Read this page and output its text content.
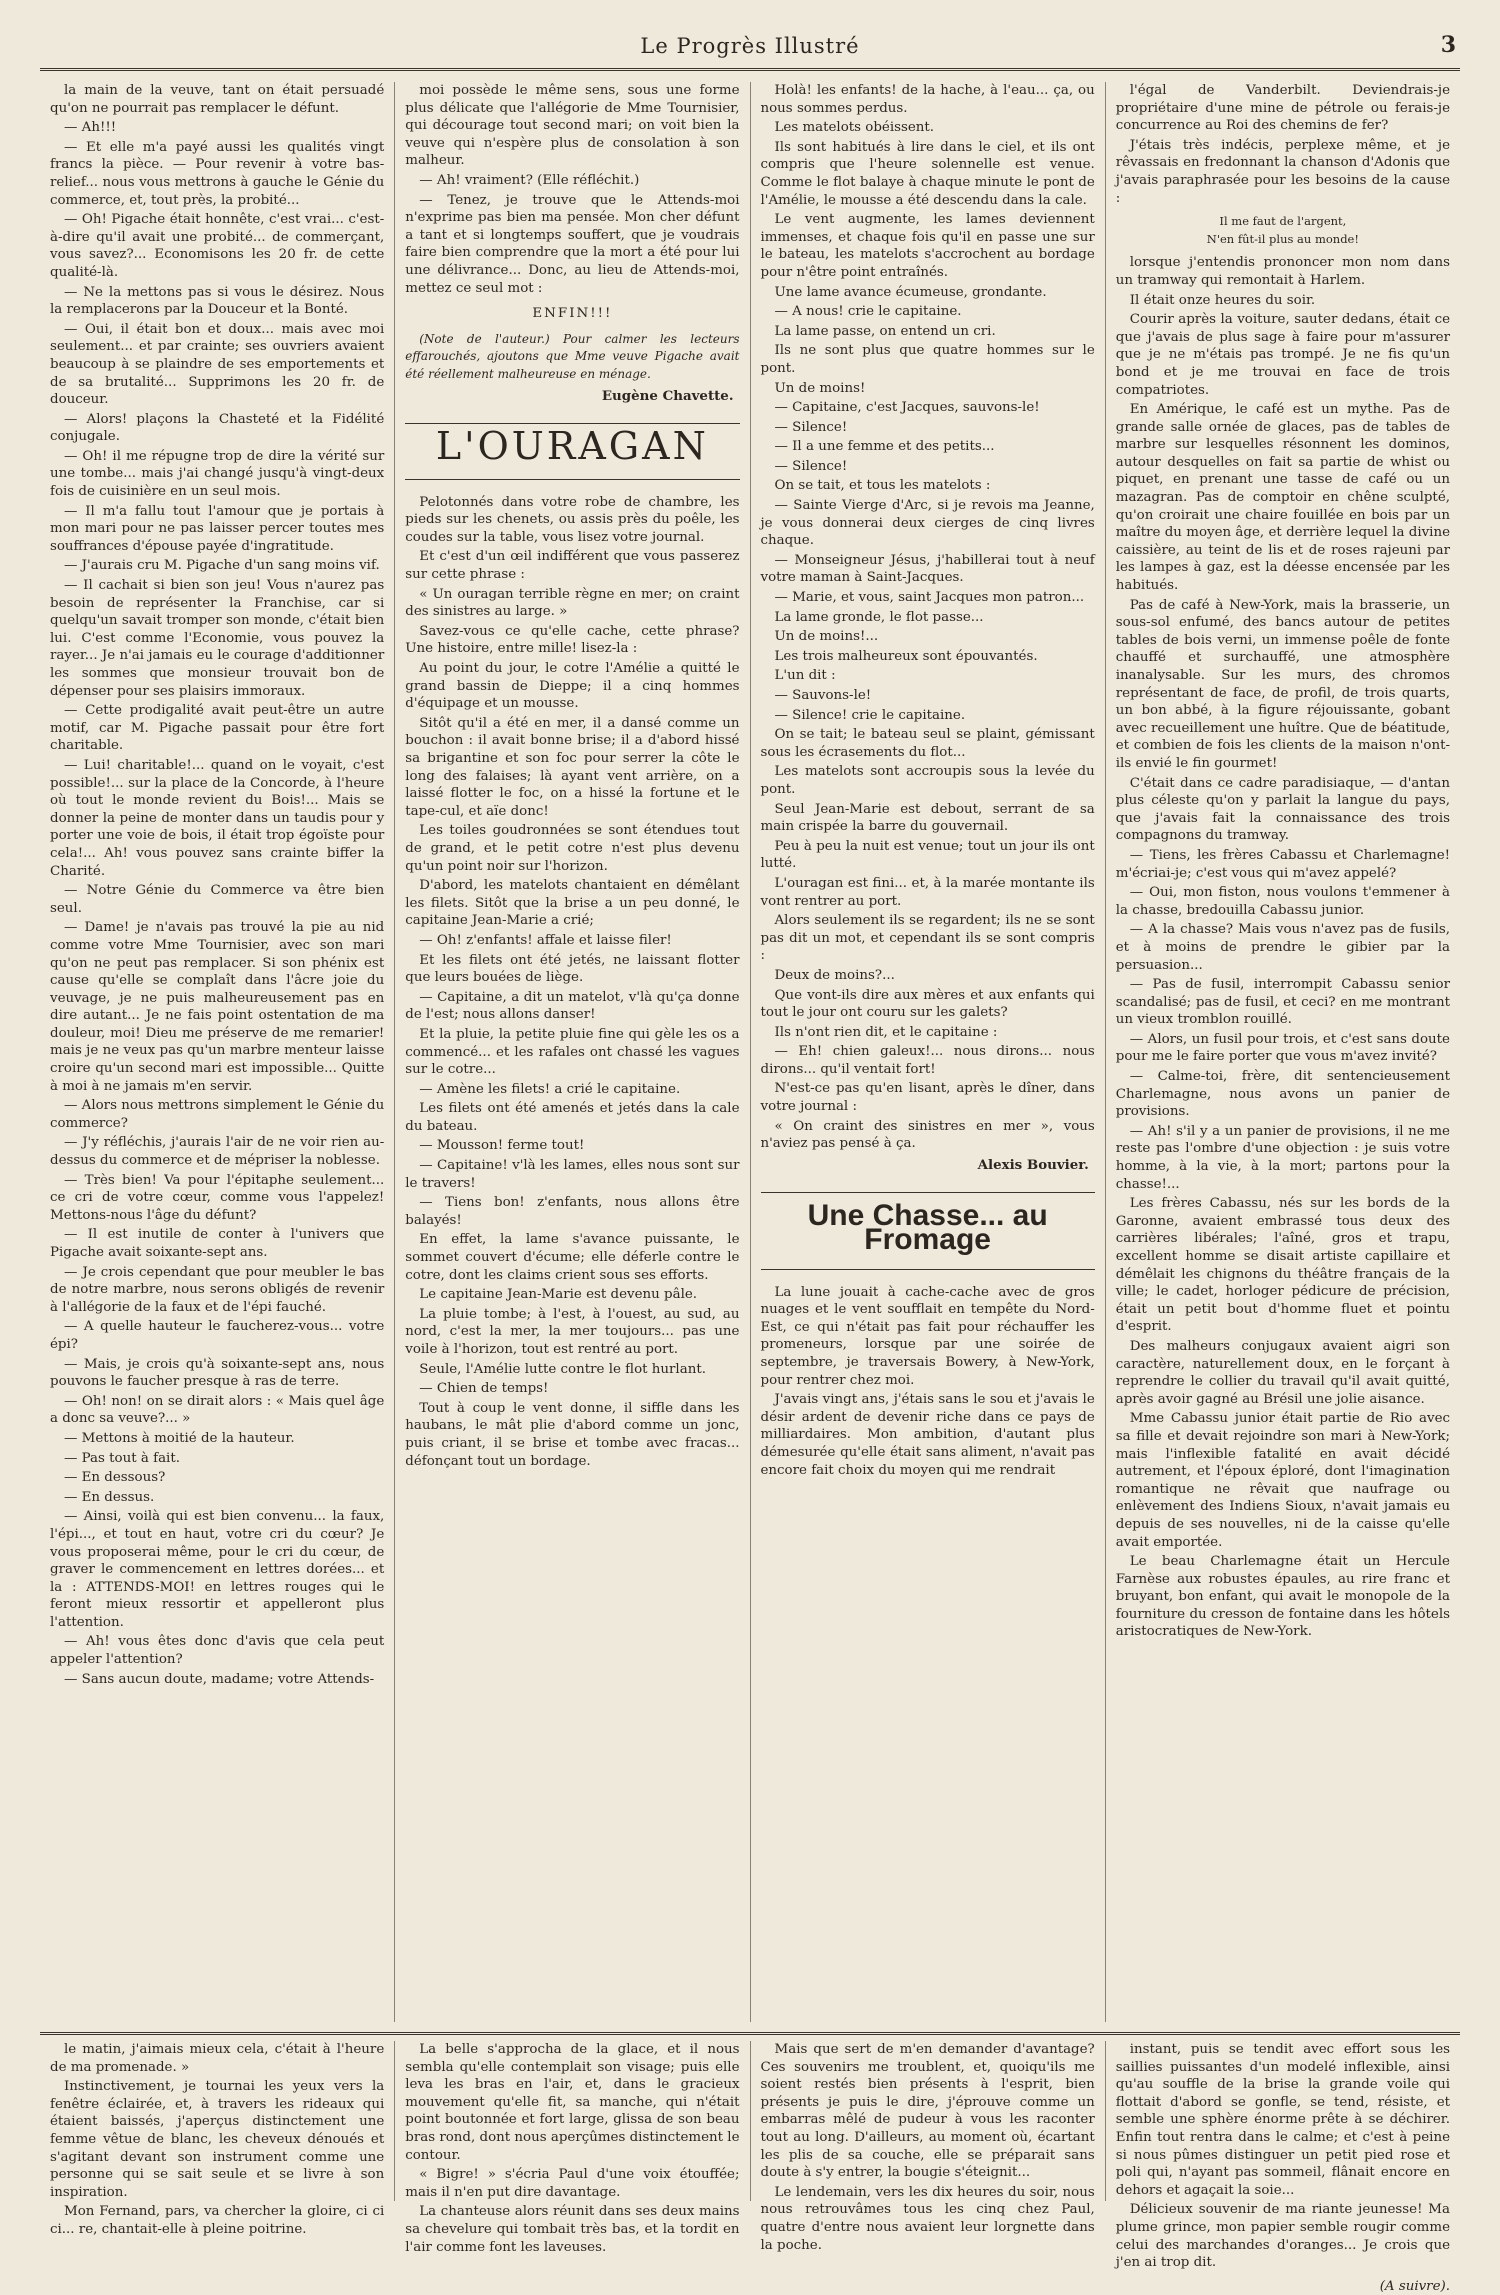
Le Progrès Illustré	3

la main de la veuve, tant on était persuadé qu'on ne pourrait pas remplacer le défunt.

— Ah!!!

— Et elle m'a payé aussi les qualités vingt francs la pièce. — Pour revenir à votre bas-relief... nous vous mettrons à gauche le Génie du commerce, et, tout près, la probité...

— Oh! Pigache était honnête, c'est vrai... c'est-à-dire qu'il avait une probité... de commerçant, vous savez?... Economisons les 20 fr. de cette qualité-là.

— Ne la mettons pas si vous le désirez. Nous la remplacerons par la Douceur et la Bonté.

— Oui, il était bon et doux... mais avec moi seulement... et par crainte; ses ouvriers avaient beaucoup à se plaindre de ses emportements et de sa brutalité... Supprimons les 20 fr. de douceur.

— Alors! plaçons la Chasteté et la Fidélité conjugale.

— Oh! il me répugne trop de dire la vérité sur une tombe... mais j'ai changé jusqu'à vingt-deux fois de cuisinière en un seul mois.

— Il m'a fallu tout l'amour que je portais à mon mari pour ne pas laisser percer toutes mes souffrances d'épouse payée d'ingratitude.

— J'aurais cru M. Pigache d'un sang moins vif.

— Il cachait si bien son jeu! Vous n'aurez pas besoin de représenter la Franchise, car si quelqu'un savait tromper son monde, c'était bien lui. C'est comme l'Economie, vous pouvez la rayer... Je n'ai jamais eu le courage d'additionner les sommes que monsieur trouvait bon de dépenser pour ses plaisirs immoraux.

— Cette prodigalité avait peut-être un autre motif, car M. Pigache passait pour être fort charitable.

— Lui! charitable!... quand on le voyait, c'est possible!... sur la place de la Concorde, à l'heure où tout le monde revient du Bois!... Mais se donner la peine de monter dans un taudis pour y porter une voie de bois, il était trop égoïste pour cela!... Ah! vous pouvez sans crainte biffer la Charité.

— Notre Génie du Commerce va être bien seul.

— Dame! je n'avais pas trouvé la pie au nid comme votre Mme Tournisier, avec son mari qu'on ne peut pas remplacer. Si son phénix est cause qu'elle se complaît dans l'âcre joie du veuvage, je ne puis malheureusement pas en dire autant... Je ne fais point ostentation de ma douleur, moi! Dieu me préserve de me remarier! mais je ne veux pas qu'un marbre menteur laisse croire qu'un second mari est impossible... Quitte à moi à ne jamais m'en servir.

— Alors nous mettrons simplement le Génie du commerce?

— J'y réfléchis, j'aurais l'air de ne voir rien au-dessus du commerce et de mépriser la noblesse.

— Très bien! Va pour l'épitaphe seulement... ce cri de votre cœur, comme vous l'appelez! Mettons-nous l'âge du défunt?

— Il est inutile de conter à l'univers que Pigache avait soixante-sept ans.

— Je crois cependant que pour meubler le bas de notre marbre, nous serons obligés de revenir à l'allégorie de la faux et de l'épi fauché.

— A quelle hauteur le faucherez-vous... votre épi?

— Mais, je crois qu'à soixante-sept ans, nous pouvons le faucher presque à ras de terre.

— Oh! non! on se dirait alors : « Mais quel âge a donc sa veuve?... »

— Mettons à moitié de la hauteur.

— Pas tout à fait.

— En dessous?

— En dessus.

— Ainsi, voilà qui est bien convenu... la faux, l'épi..., et tout en haut, votre cri du cœur? Je vous proposerai même, pour le cri du cœur, de graver le commencement en lettres dorées... et la : ATTENDS-MOI! en lettres rouges qui le feront mieux ressortir et appelleront plus l'attention.

— Ah! vous êtes donc d'avis que cela peut appeler l'attention?

— Sans aucun doute, madame; votre Attends-

moi possède le même sens, sous une forme plus délicate que l'allégorie de Mme Tournisier, qui décourage tout second mari; on voit bien la veuve qui n'espère plus de consolation à son malheur.

— Ah! vraiment? (Elle réfléchit.)

— Tenez, je trouve que le Attends-moi n'exprime pas bien ma pensée. Mon cher défunt a tant et si longtemps souffert, que je voudrais faire bien comprendre que la mort a été pour lui une délivrance... Donc, au lieu de Attends-moi, mettez ce seul mot :

ENFIN!!!

(Note de l'auteur.) Pour calmer les lecteurs effarouchés, ajoutons que Mme veuve Pigache avait été réellement malheureuse en ménage.

Eugène Chavette.
L'OURAGAN

Pelotonnés dans votre robe de chambre, les pieds sur les chenets, ou assis près du poêle, les coudes sur la table, vous lisez votre journal.

Et c'est d'un œil indifférent que vous passerez sur cette phrase :

« Un ouragan terrible règne en mer; on craint des sinistres au large. »

Savez-vous ce qu'elle cache, cette phrase? Une histoire, entre mille! lisez-la :

Au point du jour, le cotre l'Amélie a quitté le grand bassin de Dieppe; il a cinq hommes d'équipage et un mousse.

Sitôt qu'il a été en mer, il a dansé comme un bouchon : il avait bonne brise; il a d'abord hissé sa brigantine et son foc pour serrer la côte le long des falaises; là ayant vent arrière, on a laissé flotter le foc, on a hissé la fortune et le tape-cul, et aïe donc!

Les toiles goudronnées se sont étendues tout de grand, et le petit cotre n'est plus devenu qu'un point noir sur l'horizon.

D'abord, les matelots chantaient en démêlant les filets. Sitôt que la brise a un peu donné, le capitaine Jean-Marie a crié;

— Oh! z'enfants! affale et laisse filer!

Et les filets ont été jetés, ne laissant flotter que leurs bouées de liège.

— Capitaine, a dit un matelot, v'là qu'ça donne de l'est; nous allons danser!

Et la pluie, la petite pluie fine qui gèle les os a commencé... et les rafales ont chassé les vagues sur le cotre...

— Amène les filets! a crié le capitaine.

Les filets ont été amenés et jetés dans la cale du bateau.

— Mousson! ferme tout!

— Capitaine! v'là les lames, elles nous sont sur le travers!

— Tiens bon! z'enfants, nous allons être balayés!

En effet, la lame s'avance puissante, le sommet couvert d'écume; elle déferle contre le cotre, dont les claims crient sous ses efforts.

Le capitaine Jean-Marie est devenu pâle.

La pluie tombe; à l'est, à l'ouest, au sud, au nord, c'est la mer, la mer toujours... pas une voile à l'horizon, tout est rentré au port.

Seule, l'Amélie lutte contre le flot hurlant.

— Chien de temps!

Tout à coup le vent donne, il siffle dans les haubans, le mât plie d'abord comme un jonc, puis criant, il se brise et tombe avec fracas... défonçant tout un bordage.

Holà! les enfants! de la hache, à l'eau... ça, ou nous sommes perdus.

Les matelots obéissent.

Ils sont habitués à lire dans le ciel, et ils ont compris que l'heure solennelle est venue. Comme le flot balaye à chaque minute le pont de l'Amélie, le mousse a été descendu dans la cale.

Le vent augmente, les lames deviennent immenses, et chaque fois qu'il en passe une sur le bateau, les matelots s'accrochent au bordage pour n'être point entraînés.

Une lame avance écumeuse, grondante.

— A nous! crie le capitaine.

La lame passe, on entend un cri.

Ils ne sont plus que quatre hommes sur le pont.

Un de moins!

— Capitaine, c'est Jacques, sauvons-le!

— Silence!

— Il a une femme et des petits...

— Silence!

On se tait, et tous les matelots :

— Sainte Vierge d'Arc, si je revois ma Jeanne, je vous donnerai deux cierges de cinq livres chaque.

— Monseigneur Jésus, j'habillerai tout à neuf votre maman à Saint-Jacques.

— Marie, et vous, saint Jacques mon patron...

La lame gronde, le flot passe...

Un de moins!...

Les trois malheureux sont épouvantés.

L'un dit :

— Sauvons-le!

— Silence! crie le capitaine.

On se tait; le bateau seul se plaint, gémissant sous les écrasements du flot...

Les matelots sont accroupis sous la levée du pont.

Seul Jean-Marie est debout, serrant de sa main crispée la barre du gouvernail.

Peu à peu la nuit est venue; tout un jour ils ont lutté.

L'ouragan est fini... et, à la marée montante ils vont rentrer au port.

Alors seulement ils se regardent; ils ne se sont pas dit un mot, et cependant ils se sont compris :

Deux de moins?...

Que vont-ils dire aux mères et aux enfants qui tout le jour ont couru sur les galets?

Ils n'ont rien dit, et le capitaine :

— Eh! chien galeux!... nous dirons... nous dirons... qu'il ventait fort!

N'est-ce pas qu'en lisant, après le dîner, dans votre journal :

« On craint des sinistres en mer », vous n'aviez pas pensé à ça.

Alexis Bouvier.
Une Chasse... au Fromage

La lune jouait à cache-cache avec de gros nuages et le vent soufflait en tempête du Nord-Est, ce qui n'était pas fait pour réchauffer les promeneurs, lorsque par une soirée de septembre, je traversais Bowery, à New-York, pour rentrer chez moi.

J'avais vingt ans, j'étais sans le sou et j'avais le désir ardent de devenir riche dans ce pays de milliardaires. Mon ambition, d'autant plus démesurée qu'elle était sans aliment, n'avait pas encore fait choix du moyen qui me rendrait

l'égal de Vanderbilt. Deviendrais-je propriétaire d'une mine de pétrole ou ferais-je concurrence au Roi des chemins de fer?

J'étais très indécis, perplexe même, et je rêvassais en fredonnant la chanson d'Adonis que j'avais paraphrasée pour les besoins de la cause :

Il me faut de l'argent,
N'en fût-il plus au monde!

lorsque j'entendis prononcer mon nom dans un tramway qui remontait à Harlem.

Il était onze heures du soir.

Courir après la voiture, sauter dedans, était ce que j'avais de plus sage à faire pour m'assurer que je ne m'étais pas trompé. Je ne fis qu'un bond et je me trouvai en face de trois compatriotes.

En Amérique, le café est un mythe. Pas de grande salle ornée de glaces, pas de tables de marbre sur lesquelles résonnent les dominos, autour desquelles on fait sa partie de whist ou piquet, en prenant une tasse de café ou un mazagran. Pas de comptoir en chêne sculpté, qu'on croirait une chaire fouillée en bois par un maître du moyen âge, et derrière lequel la divine caissière, au teint de lis et de roses rajeuni par les lampes à gaz, est la déesse encensée par les habitués.

Pas de café à New-York, mais la brasserie, un sous-sol enfumé, des bancs autour de petites tables de bois verni, un immense poêle de fonte chauffé et surchauffé, une atmosphère inanalysable. Sur les murs, des chromos représentant de face, de profil, de trois quarts, un bon abbé, à la figure réjouissante, gobant avec recueillement une huître. Que de béatitude, et combien de fois les clients de la maison n'ont-ils envié le fin gourmet!

C'était dans ce cadre paradisiaque, — d'antan plus céleste qu'on y parlait la langue du pays, que j'avais fait la connaissance des trois compagnons du tramway.

— Tiens, les frères Cabassu et Charlemagne! m'écriai-je; c'est vous qui m'avez appelé?

— Oui, mon fiston, nous voulons t'emmener à la chasse, bredouilla Cabassu junior.

— A la chasse? Mais vous n'avez pas de fusils, et à moins de prendre le gibier par la persuasion...

— Pas de fusil, interrompit Cabassu senior scandalisé; pas de fusil, et ceci? en me montrant un vieux tromblon rouillé.

— Alors, un fusil pour trois, et c'est sans doute pour me le faire porter que vous m'avez invité?

— Calme-toi, frère, dit sentencieusement Charlemagne, nous avons un panier de provisions.

— Ah! s'il y a un panier de provisions, il ne me reste pas l'ombre d'une objection : je suis votre homme, à la vie, à la mort; partons pour la chasse!...

Les frères Cabassu, nés sur les bords de la Garonne, avaient embrassé tous deux des carrières libérales; l'aîné, gros et trapu, excellent homme se disait artiste capillaire et démêlait les chignons du théâtre français de la ville; le cadet, horloger pédicure de précision, était un petit bout d'homme fluet et pointu d'esprit.

Des malheurs conjugaux avaient aigri son caractère, naturellement doux, en le forçant à reprendre le collier du travail qu'il avait quitté, après avoir gagné au Brésil une jolie aisance.

Mme Cabassu junior était partie de Rio avec sa fille et devait rejoindre son mari à New-York; mais l'inflexible fatalité en avait décidé autrement, et l'époux éploré, dont l'imagination romantique ne rêvait que naufrage ou enlèvement des Indiens Sioux, n'avait jamais eu depuis de ses nouvelles, ni de la caisse qu'elle avait emportée.

Le beau Charlemagne était un Hercule Farnèse aux robustes épaules, au rire franc et bruyant, bon enfant, qui avait le monopole de la fourniture du cresson de fontaine dans les hôtels aristocratiques de New-York.

le matin, j'aimais mieux cela, c'était à l'heure de ma promenade. »

Instinctivement, je tournai les yeux vers la fenêtre éclairée, et, à travers les rideaux qui étaient baissés, j'aperçus distinctement une femme vêtue de blanc, les cheveux dénoués et s'agitant devant son instrument comme une personne qui se sait seule et se livre à son inspiration.

Mon Fernand, pars, va chercher la gloire, ci ci ci... re, chantait-elle à pleine poitrine.

La belle s'approcha de la glace, et il nous sembla qu'elle contemplait son visage; puis elle leva les bras en l'air, et, dans le gracieux mouvement qu'elle fit, sa manche, qui n'était point boutonnée et fort large, glissa de son beau bras rond, dont nous aperçûmes distinctement le contour.

« Bigre! » s'écria Paul d'une voix étouffée; mais il n'en put dire davantage.

La chanteuse alors réunit dans ses deux mains sa chevelure qui tombait très bas, et la tordit en l'air comme font les laveuses.

Mais que sert de m'en demander d'avantage? Ces souvenirs me troublent, et, quoiqu'ils me soient restés bien présents à l'esprit, bien présents je puis le dire, j'éprouve comme un embarras mêlé de pudeur à vous les raconter tout au long. D'ailleurs, au moment où, écartant les plis de sa couche, elle se préparait sans doute à s'y entrer, la bougie s'éteignit...

Le lendemain, vers les dix heures du soir, nous nous retrouvâmes tous les cinq chez Paul, quatre d'entre nous avaient leur lorgnette dans la poche.

instant, puis se tendit avec effort sous les saillies puissantes d'un modelé inflexible, ainsi qu'au souffle de la brise la grande voile qui flottait d'abord se gonfle, se tend, résiste, et semble une sphère énorme prête à se déchirer. Enfin tout rentra dans le calme; et c'est à peine si nous pûmes distinguer un petit pied rose et poli qui, n'ayant pas sommeil, flânait encore en dehors et agaçait la soie...

Délicieux souvenir de ma riante jeunesse! Ma plume grince, mon papier semble rougir comme celui des marchandes d'oranges... Je crois que j'en ai trop dit.

(A suivre).
